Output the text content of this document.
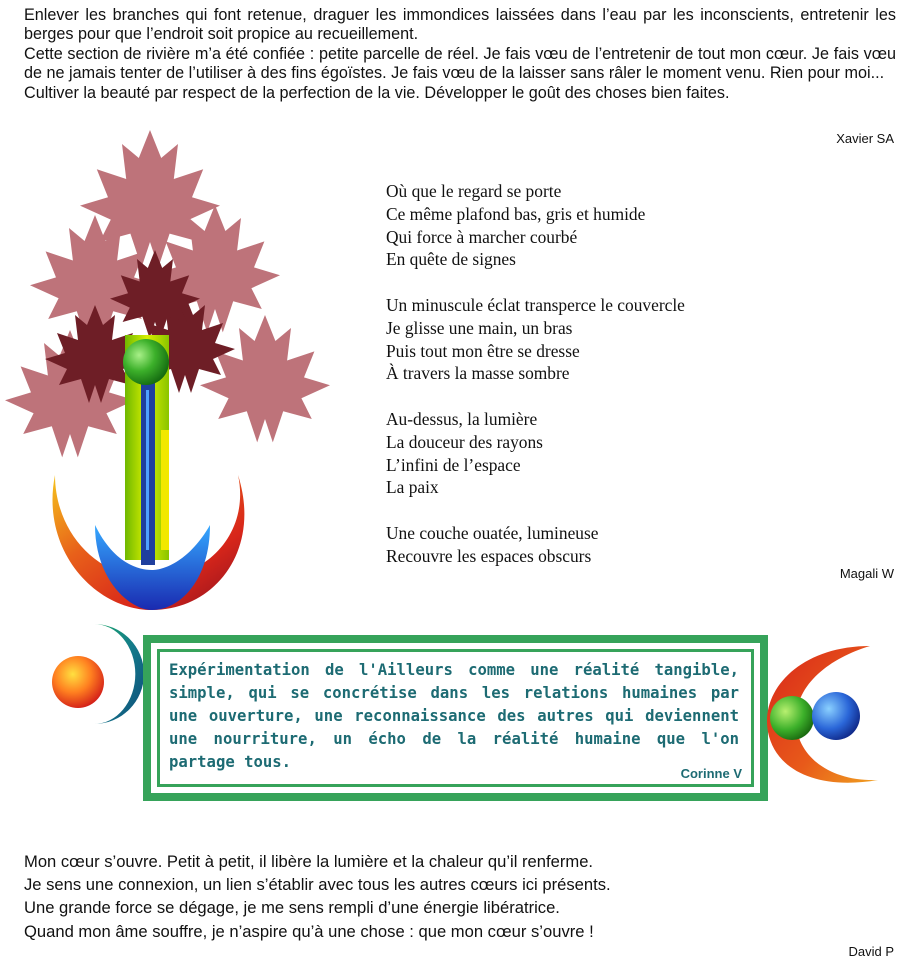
Enlever les branches qui font retenue, draguer les immondices laissées dans l’eau par les inconscients, entretenir les berges pour que l’endroit soit propice au recueillement.

Cette section de rivière m’a été confiée : petite parcelle de réel. Je fais vœu de l’entretenir de tout mon cœur. Je fais vœu de ne jamais tenter de l’utiliser à des fins égoïstes. Je fais vœu de la laisser sans râler le moment venu. Rien pour moi...

Cultiver la beauté par respect de la perfection de la vie. Développer le goût des choses bien faites.

Xavier SA
Où que le regard se porte
Ce même plafond bas, gris et humide
Qui force à marcher courbé
En quête de signes
Un minuscule éclat transperce le couvercle
Je glisse une main, un bras
Puis tout mon être se dresse
À travers la masse sombre
Au-dessus, la lumière
La douceur des rayons
L’infini de l’espace
La paix
Une couche ouatée, lumineuse
Recouvre les espaces obscurs
Magali W
Expérimentation de l'Ailleurs comme une réalité tangible, simple, qui se concrétise dans les relations humaines par une ouverture, une reconnaissance des autres qui deviennent une nourriture, un écho de la réalité humaine que l'on partage tous.
Corinne V
Mon cœur s’ouvre. Petit à petit, il libère la lumière et la chaleur qu’il renferme.
Je sens une connexion, un lien s’établir avec tous les autres cœurs ici présents.
Une grande force se dégage, je me sens rempli d’une énergie libératrice.
Quand mon âme souffre, je n’aspire qu’à une chose : que mon cœur s’ouvre !
David P
